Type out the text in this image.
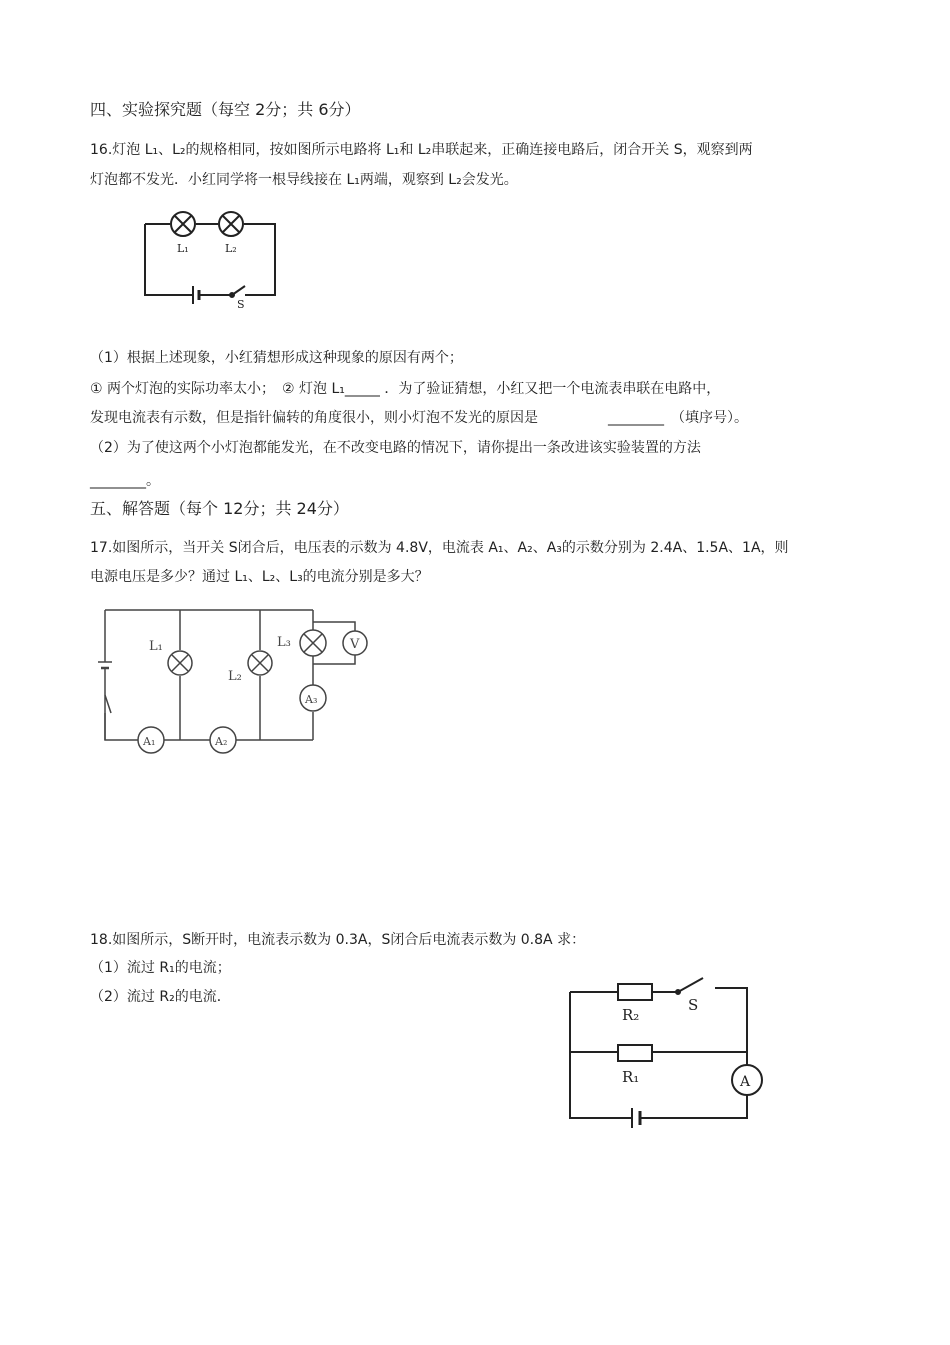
四、实验探究题（每空 2分；共 6分）
16.灯泡 L₁、L₂的规格相同，按如图所示电路将 L₁和 L₂串联起来，正确连接电路后，闭合开关 S，观察到两
灯泡都不发光．小红同学将一根导线接在 L₁两端，观察到 L₂会发光。
L₁	L₂
S
（1）根据上述现象，小红猜想形成这种现象的原因有两个；
① 两个灯泡的实际功率太小；　② 灯泡 L₁_____ ．为了验证猜想，小红又把一个电流表串联在电路中，
发现电流表有示数，但是指针偏转的角度很小，则小灯泡不发光的原因是　　　　　________　（填序号）。
（2）为了使这两个小灯泡都能发光，在不改变电路的情况下，请你提出一条改进该实验装置的方法
________。
五、解答题（每个 12分；共 24分）
17.如图所示，当开关 S闭合后，电压表的示数为 4.8V，电流表 A₁、A₂、A₃的示数分别为 2.4A、1.5A、1A，则
电源电压是多少？通过 L₁、L₂、L₃的电流分别是多大？
L₁
L₂
L₃	V
A₁	A₂
A₃
18.如图所示，S断开时，电流表示数为 0.3A，S闭合后电流表示数为 0.8A 求：
（1）流过 R₁的电流；
（2）流过 R₂的电流．
R₂
S
R₁	A
